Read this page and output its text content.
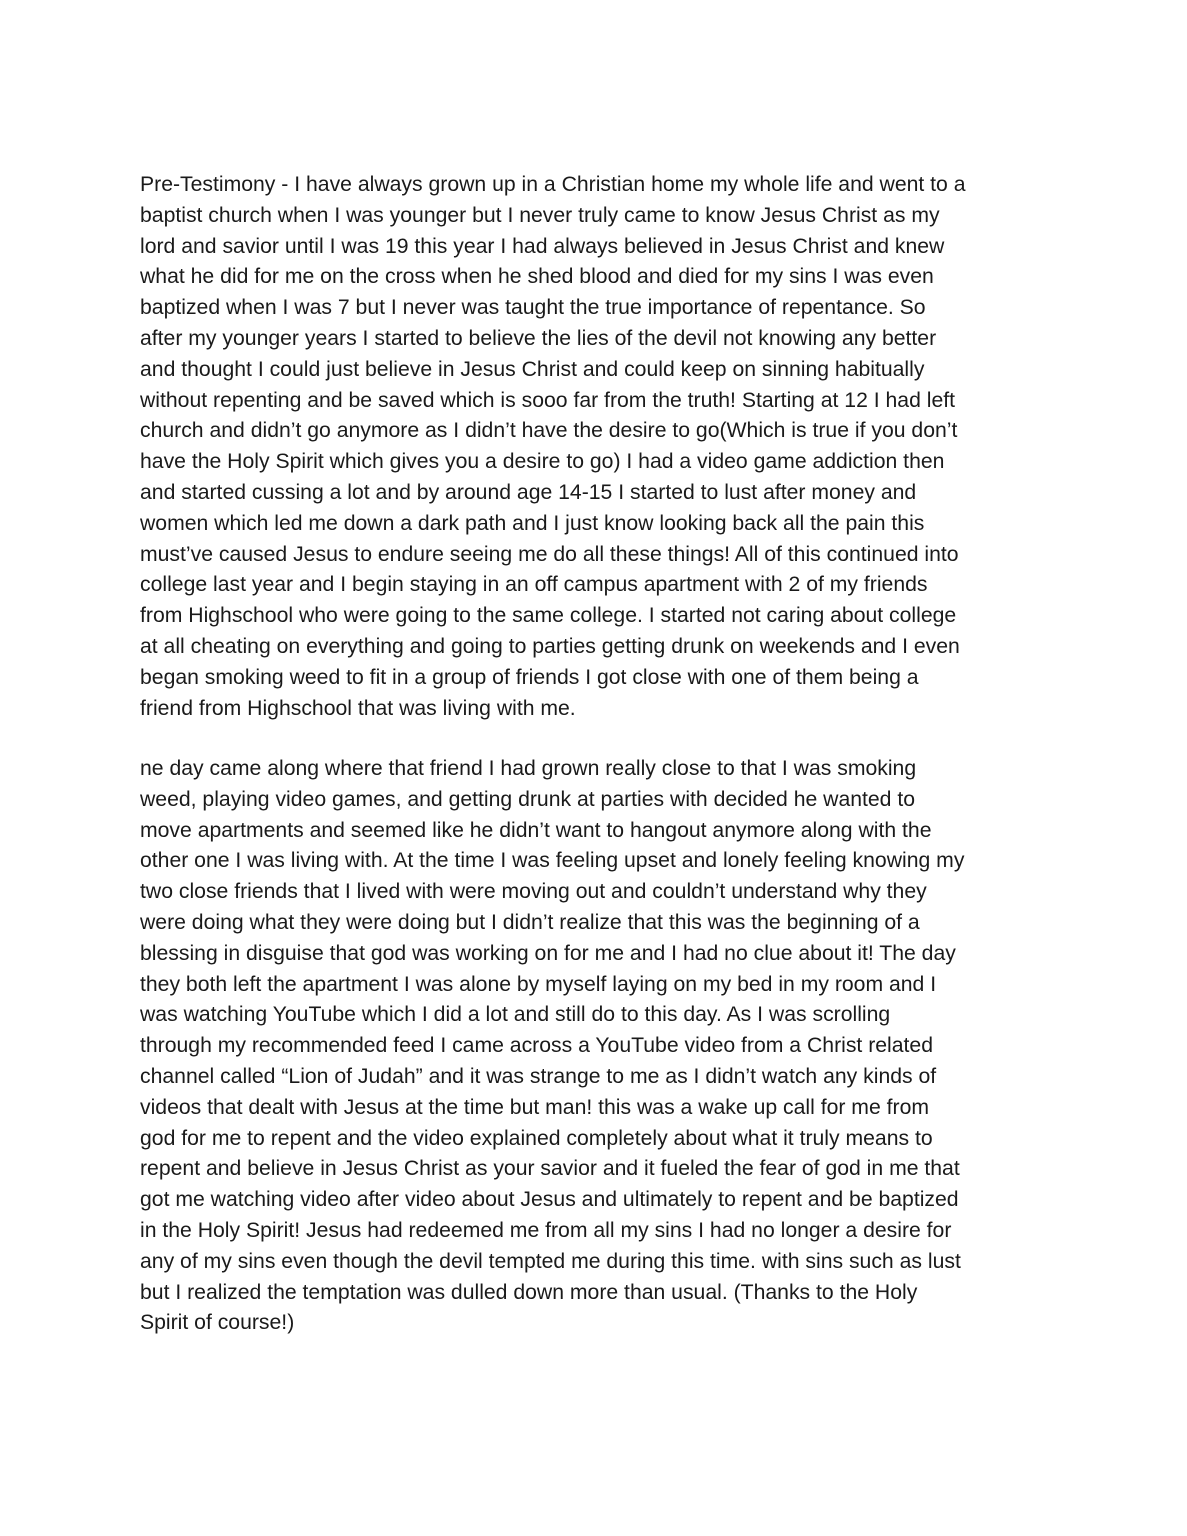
Pre-Testimony - I have always grown up in a Christian home my whole life and went to a
baptist church when I was younger but I never truly came to know Jesus Christ as my
lord and savior until I was 19 this year I had always believed in Jesus Christ and knew
what he did for me on the cross when he shed blood and died for my sins I was even
baptized when I was 7 but I never was taught the true importance of repentance. So
after my younger years I started to believe the lies of the devil not knowing any better
and thought I could just believe in Jesus Christ and could keep on sinning habitually
without repenting and be saved which is sooo far from the truth! Starting at 12 I had left
church and didn’t go anymore as I didn’t have the desire to go(Which is true if you don’t
have the Holy Spirit which gives you a desire to go) I had a video game addiction then
and started cussing a lot and by around age 14-15 I started to lust after money and
women which led me down a dark path and I just know looking back all the pain this
must’ve caused Jesus to endure seeing me do all these things! All of this continued into
college last year and I begin staying in an off campus apartment with 2 of my friends
from Highschool who were going to the same college. I started not caring about college
at all cheating on everything and going to parties getting drunk on weekends and I even
began smoking weed to fit in a group of friends I got close with one of them being a
friend from Highschool that was living with me.
ne day came along where that friend I had grown really close to that I was smoking
weed, playing video games, and getting drunk at parties with decided he wanted to
move apartments and seemed like he didn’t want to hangout anymore along with the
other one I was living with. At the time I was feeling upset and lonely feeling knowing my
two close friends that I lived with were moving out and couldn’t understand why they
were doing what they were doing but I didn’t realize that this was the beginning of a
blessing in disguise that god was working on for me and I had no clue about it! The day
they both left the apartment I was alone by myself laying on my bed in my room and I
was watching YouTube which I did a lot and still do to this day. As I was scrolling
through my recommended feed I came across a YouTube video from a Christ related
channel called “Lion of Judah” and it was strange to me as I didn’t watch any kinds of
videos that dealt with Jesus at the time but man! this was a wake up call for me from
god for me to repent and the video explained completely about what it truly means to
repent and believe in Jesus Christ as your savior and it fueled the fear of god in me that
got me watching video after video about Jesus and ultimately to repent and be baptized
in the Holy Spirit! Jesus had redeemed me from all my sins I had no longer a desire for
any of my sins even though the devil tempted me during this time. with sins such as lust
but I realized the temptation was dulled down more than usual. (Thanks to the Holy
Spirit of course!)
